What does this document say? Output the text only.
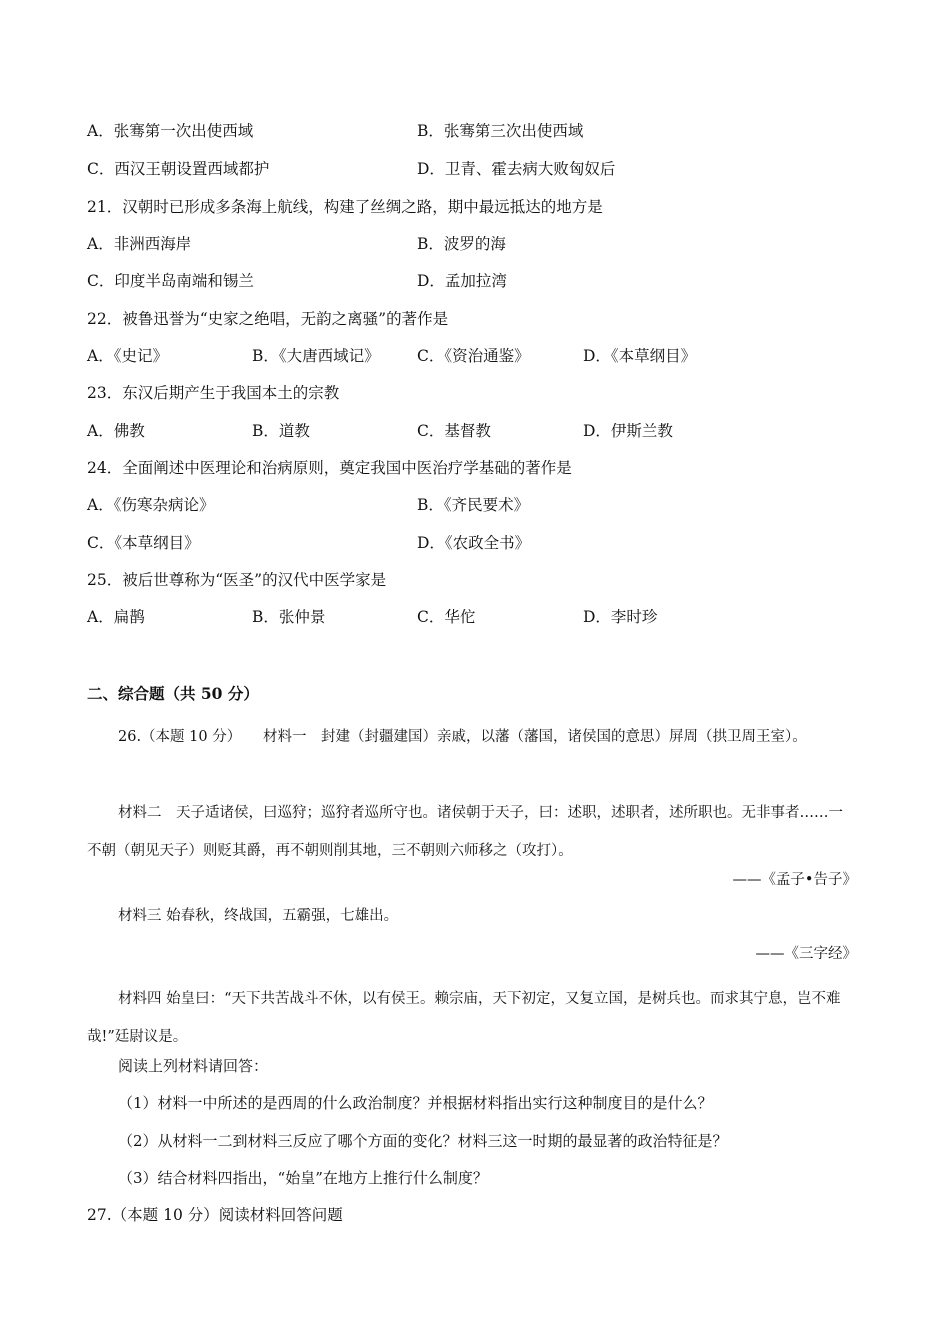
A．张骞第一次出使西域	B．张骞第三次出使西域
C．西汉王朝设置西域都护	D．卫青、霍去病大败匈奴后
21．汉朝时已形成多条海上航线，构建了丝绸之路，期中最远抵达的地方是
A．非洲西海岸	B．波罗的海
C．印度半岛南端和锡兰	D．孟加拉湾
22．被鲁迅誉为“史家之绝唱，无韵之离骚”的著作是
A．《史记》	B．《大唐西域记》 C．《资治通鉴》	D．《本草纲目》
23．东汉后期产生于我国本土的宗教
A．佛教	B．道教	C．基督教	D．伊斯兰教
24．全面阐述中医理论和治病原则，奠定我国中医治疗学基础的著作是
A．《伤寒杂病论》	B．《齐民要术》
C．《本草纲目》	D．《农政全书》
25．被后世尊称为“医圣”的汉代中医学家是
A．扁鹊	B．张仲景	C．华佗	D．李时珍
二、综合题（共 50 分）
26.（本题 10 分）　　材料一　封建（封疆建国）亲戚，以藩（藩国，诸侯国的意思）屏周（拱卫周王室）。
材料二　天子适诸侯，曰巡狩；巡狩者巡所守也。诸侯朝于天子，曰：述职，述职者，述所职也。无非事者……一不朝（朝见天子）则贬其爵，再不朝则削其地，三不朝则六师移之（攻打）。
——《孟子•告子》
材料三 始春秋，终战国，五霸强，七雄出。
——《三字经》
材料四 始皇曰：“天下共苦战斗不休，以有侯王。赖宗庙，天下初定，又复立国，是树兵也。而求其宁息，岂不难哉!”廷尉议是。
阅读上列材料请回答：
（1）材料一中所述的是西周的什么政治制度？并根据材料指出实行这种制度目的是什么？
（2）从材料一二到材料三反应了哪个方面的变化？材料三这一时期的最显著的政治特征是？
（3）结合材料四指出，“始皇”在地方上推行什么制度？
27.（本题 10 分）阅读材料回答问题
